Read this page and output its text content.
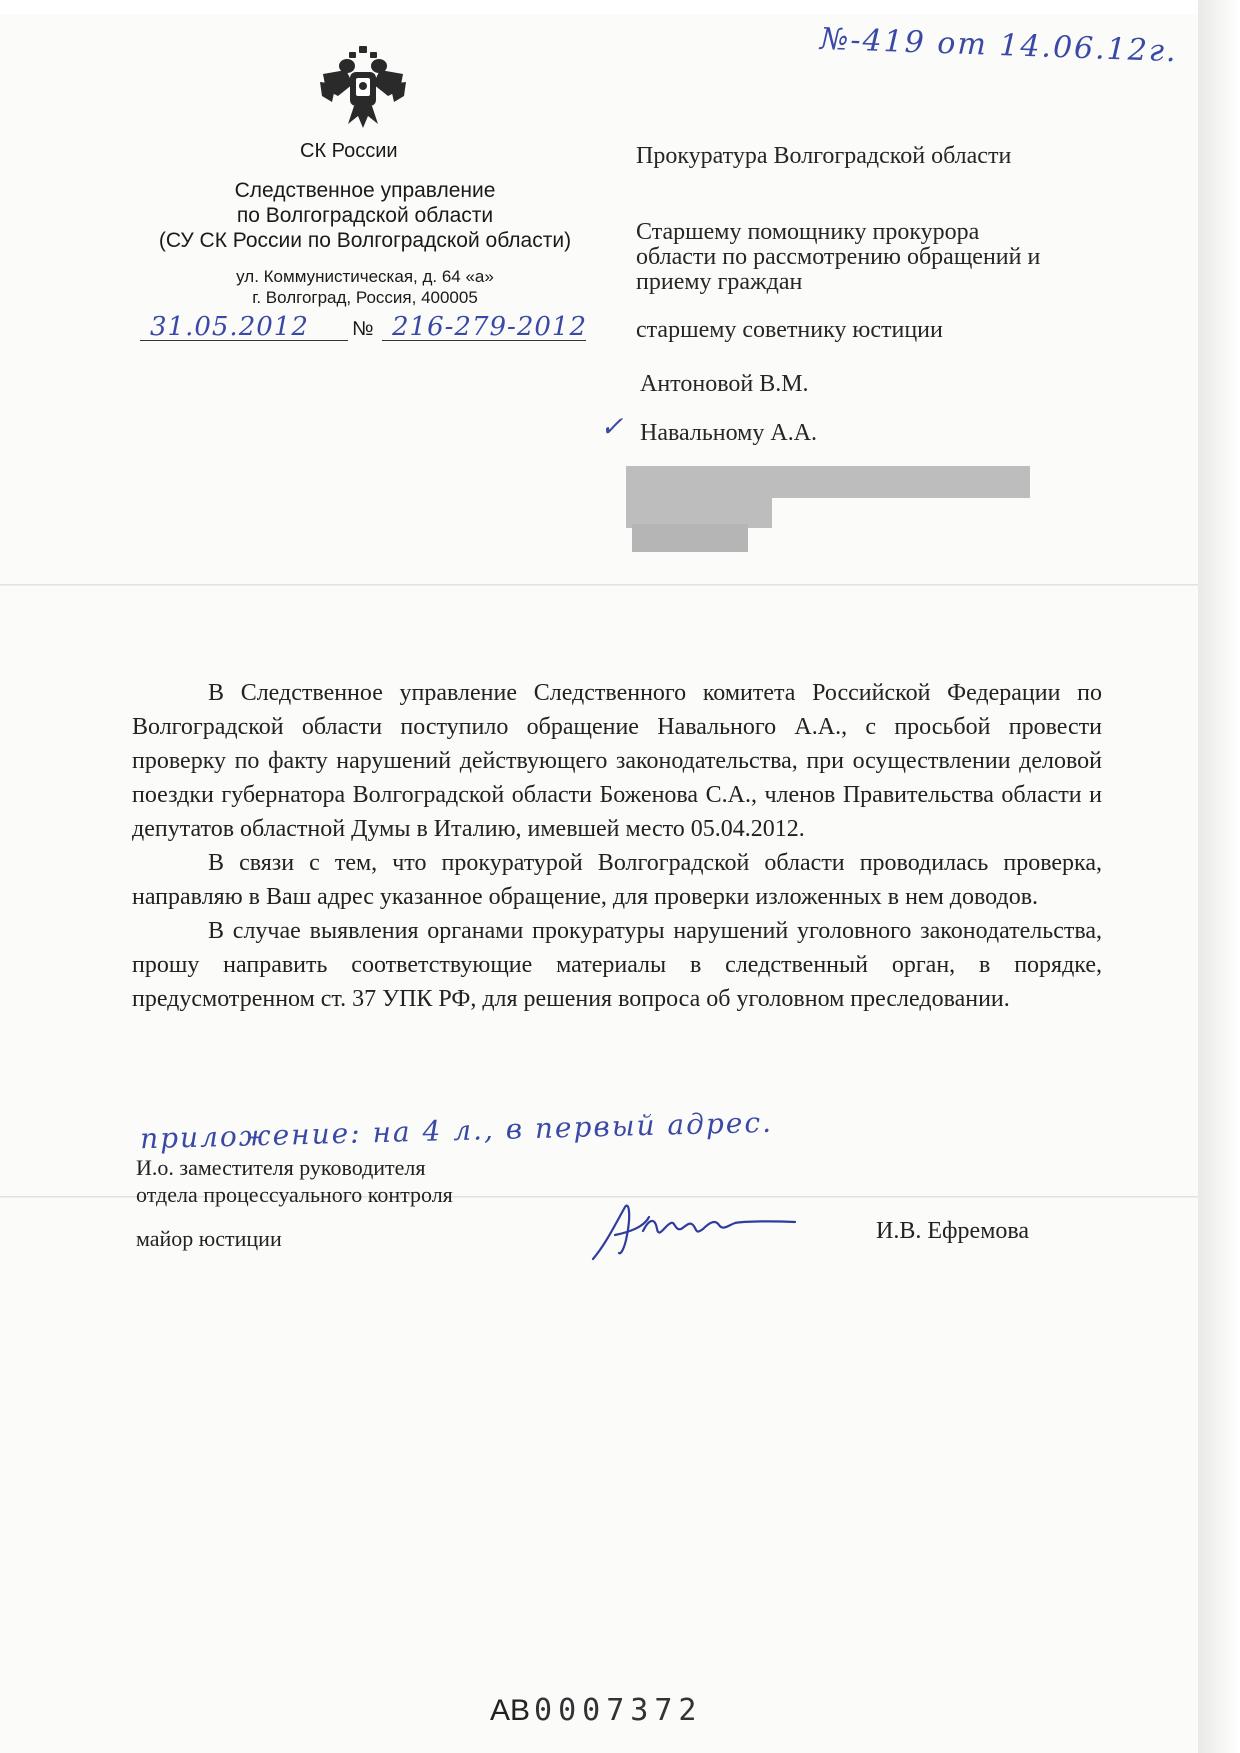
№-419 от 14.06.12г.
СК России
Следственное управление
по Волгоградской области
(СУ СК России по Волгоградской области)
ул. Коммунистическая, д. 64 «а»
г. Волгоград, Россия, 400005
31.05.2012 № 216-279-2012
Прокуратура Волгоградской области
Старшему помощнику прокурора области по рассмотрению обращений и приему граждан
старшему советнику юстиции
Антоновой В.М.
✓ Навальному А.А.

В Следственное управление Следственного комитета Российской Федерации по Волгоградской области поступило обращение Навального А.А., с просьбой провести проверку по факту нарушений действующего законодательства, при осуществлении деловой поездки губернатора Волгоградской области Боженова С.А., членов Правительства области и депутатов областной Думы в Италию, имевшей место 05.04.2012.

В связи с тем, что прокуратурой Волгоградской области проводилась проверка, направляю в Ваш адрес указанное обращение, для проверки изложенных в нем доводов.

В случае выявления органами прокуратуры нарушений уголовного законодательства, прошу направить соответствующие материалы в следственный орган, в порядке, предусмотренном ст. 37 УПК РФ, для решения вопроса об уголовном преследовании.

приложение: на 4 л., в первый адрес.
И.о. заместителя руководителя
отдела процессуального контроля
майор юстиции	И.В. Ефремова
АВ 0007372
